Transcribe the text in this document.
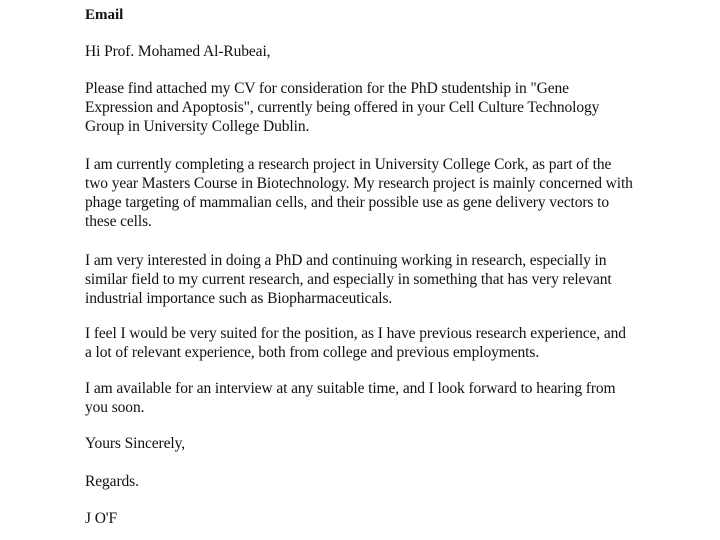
Email

Hi Prof. Mohamed Al-Rubeai,

Please find attached my CV for consideration for the PhD studentship in "Gene
Expression and Apoptosis", currently being offered in your Cell Culture Technology
Group in University College Dublin.
I am currently completing a research project in University College Cork, as part of the
two year Masters Course in Biotechnology. My research project is mainly concerned with
phage targeting of mammalian cells, and their possible use as gene delivery vectors to
these cells.
I am very interested in doing a PhD and continuing working in research, especially in
similar field to my current research, and especially in something that has very relevant
industrial importance such as Biopharmaceuticals.
I feel I would be very suited for the position, as I have previous research experience, and
a lot of relevant experience, both from college and previous employments.
I am available for an interview at any suitable time, and I look forward to hearing from
you soon.

Yours Sincerely,

Regards.

J O'F
